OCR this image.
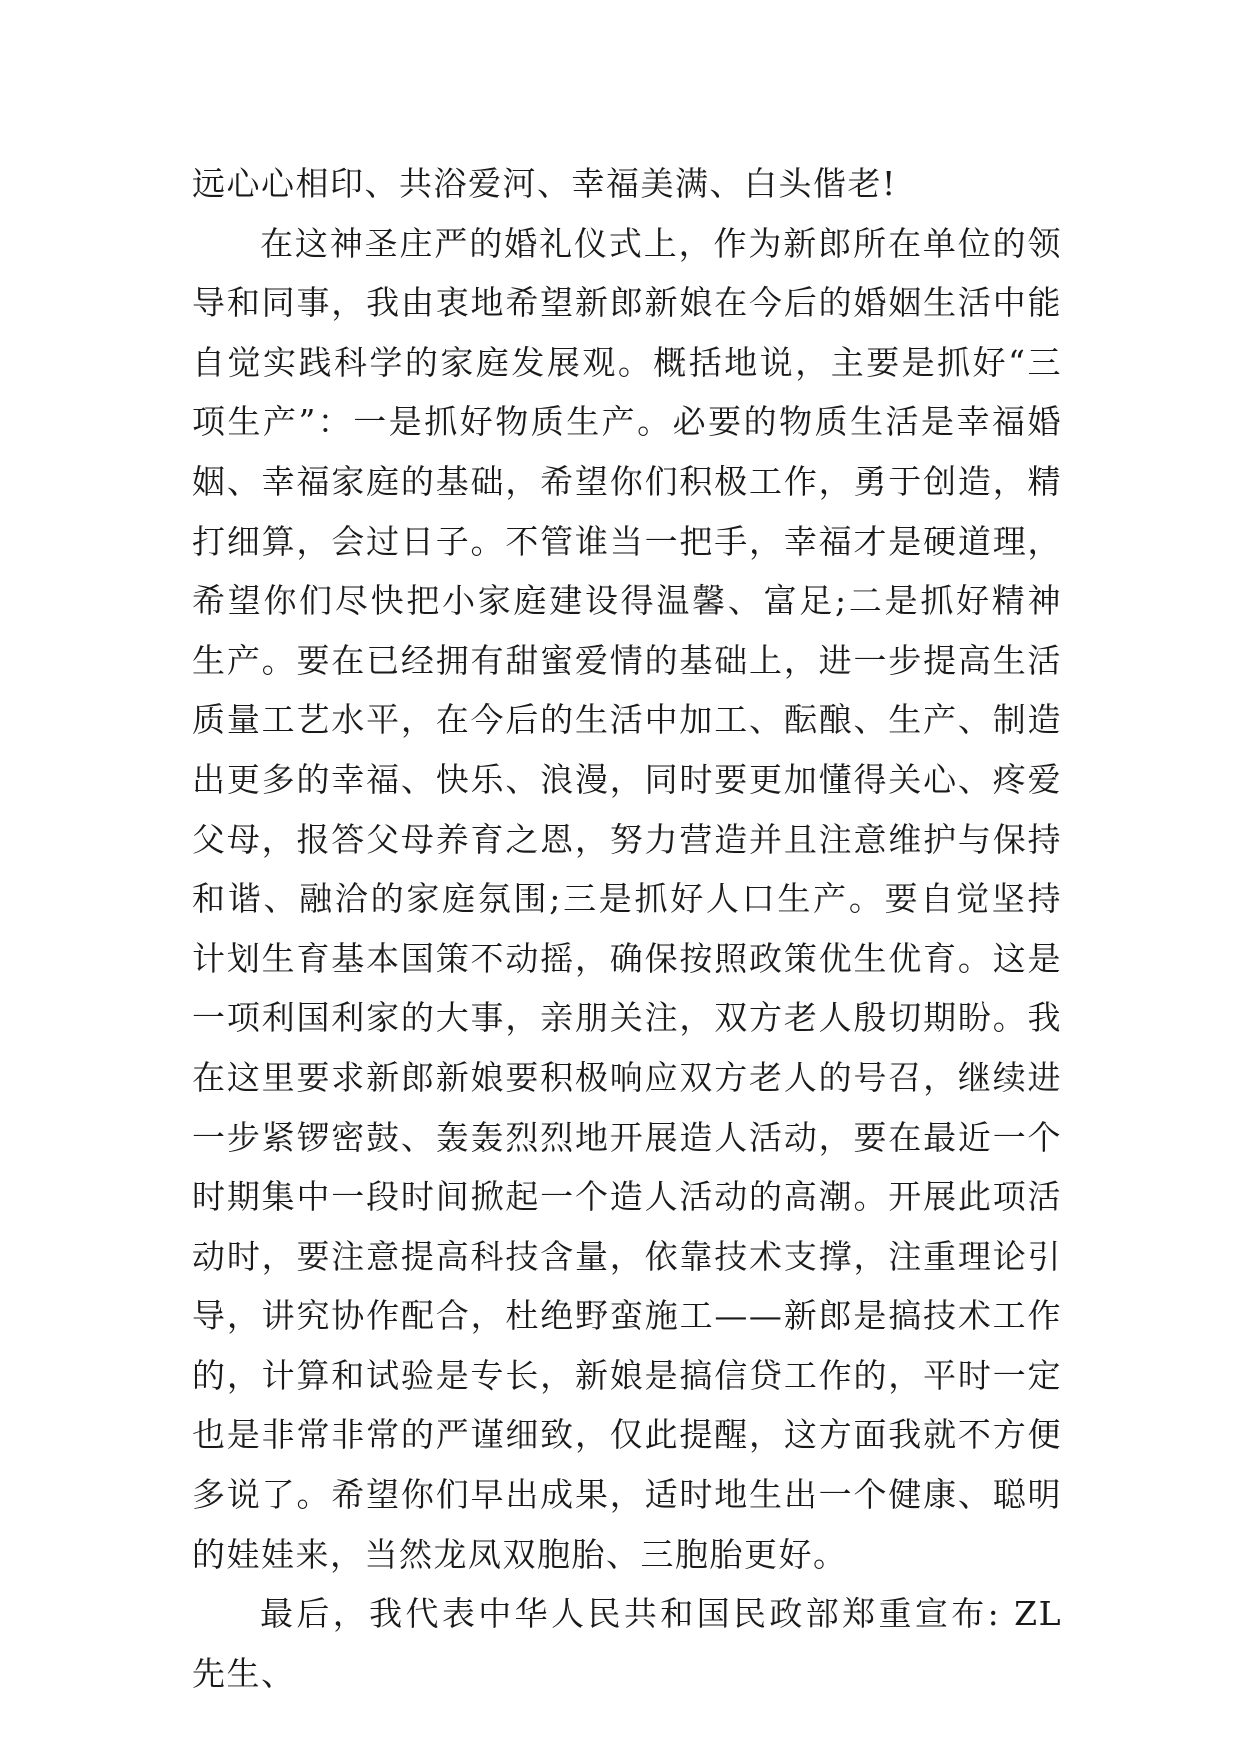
远心心相印、共浴爱河、幸福美满、白头偕老!

在这神圣庄严的婚礼仪式上，作为新郎所在单位的领导和同事，我由衷地希望新郎新娘在今后的婚姻生活中能自觉实践科学的家庭发展观。概括地说，主要是抓好“三项生产”：一是抓好物质生产。必要的物质生活是幸福婚姻、幸福家庭的基础，希望你们积极工作，勇于创造，精打细算，会过日子。不管谁当一把手，幸福才是硬道理，希望你们尽快把小家庭建设得温馨、富足;二是抓好精神生产。要在已经拥有甜蜜爱情的基础上，进一步提高生活质量工艺水平，在今后的生活中加工、酝酿、生产、制造出更多的幸福、快乐、浪漫，同时要更加懂得关心、疼爱父母，报答父母养育之恩，努力营造并且注意维护与保持和谐、融洽的家庭氛围;三是抓好人口生产。要自觉坚持计划生育基本国策不动摇，确保按照政策优生优育。这是一项利国利家的大事，亲朋关注，双方老人殷切期盼。我在这里要求新郎新娘要积极响应双方老人的号召，继续进一步紧锣密鼓、轰轰烈烈地开展造人活动，要在最近一个时期集中一段时间掀起一个造人活动的高潮。开展此项活动时，要注意提高科技含量，依靠技术支撑，注重理论引导，讲究协作配合，杜绝野蛮施工——新郎是搞技术工作的，计算和试验是专长，新娘是搞信贷工作的，平时一定也是非常非常的严谨细致，仅此提醒，这方面我就不方便多说了。希望你们早出成果，适时地生出一个健康、聪明的娃娃来，当然龙凤双胞胎、三胞胎更好。

最后，我代表中华人民共和国民政部郑重宣布: ZL 先生、
